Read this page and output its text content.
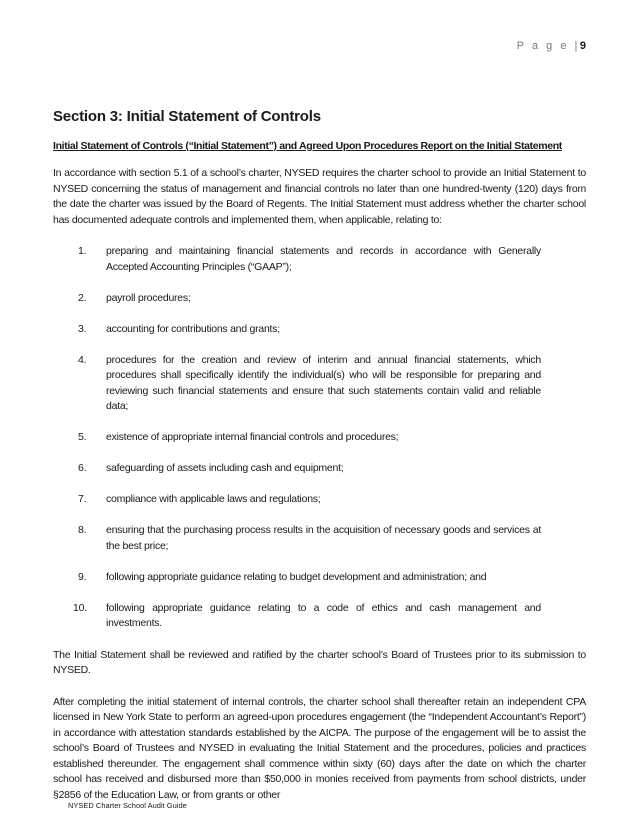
P a g e |9
Section 3: Initial Statement of Controls
Initial Statement of Controls (“Initial Statement”) and Agreed Upon Procedures Report on the Initial Statement

In accordance with section 5.1 of a school’s charter, NYSED requires the charter school to provide an Initial Statement to NYSED concerning the status of management and financial controls no later than one hundred-twenty (120) days from the date the charter was issued by the Board of Regents. The Initial Statement must address whether the charter school has documented adequate controls and implemented them, when applicable, relating to:

1. preparing and maintaining financial statements and records in accordance with Generally Accepted Accounting Principles (“GAAP”);
2. payroll procedures;
3. accounting for contributions and grants;
4. procedures for the creation and review of interim and annual financial statements, which procedures shall specifically identify the individual(s) who will be responsible for preparing and reviewing such financial statements and ensure that such statements contain valid and reliable data;
5. existence of appropriate internal financial controls and procedures;
6. safeguarding of assets including cash and equipment;
7. compliance with applicable laws and regulations;
8. ensuring that the purchasing process results in the acquisition of necessary goods and services at the best price;
9. following appropriate guidance relating to budget development and administration; and
10. following appropriate guidance relating to a code of ethics and cash management and investments.

The Initial Statement shall be reviewed and ratified by the charter school’s Board of Trustees prior to its submission to NYSED.

After completing the initial statement of internal controls, the charter school shall thereafter retain an independent CPA licensed in New York State to perform an agreed-upon procedures engagement (the “Independent Accountant’s Report”) in accordance with attestation standards established by the AICPA. The purpose of the engagement will be to assist the school’s Board of Trustees and NYSED in evaluating the Initial Statement and the procedures, policies and practices established thereunder. The engagement shall commence within sixty (60) days after the date on which the charter school has received and disbursed more than $50,000 in monies received from payments from school districts, under §2856 of the Education Law, or from grants or other

NYSED Charter School Audit Guide
